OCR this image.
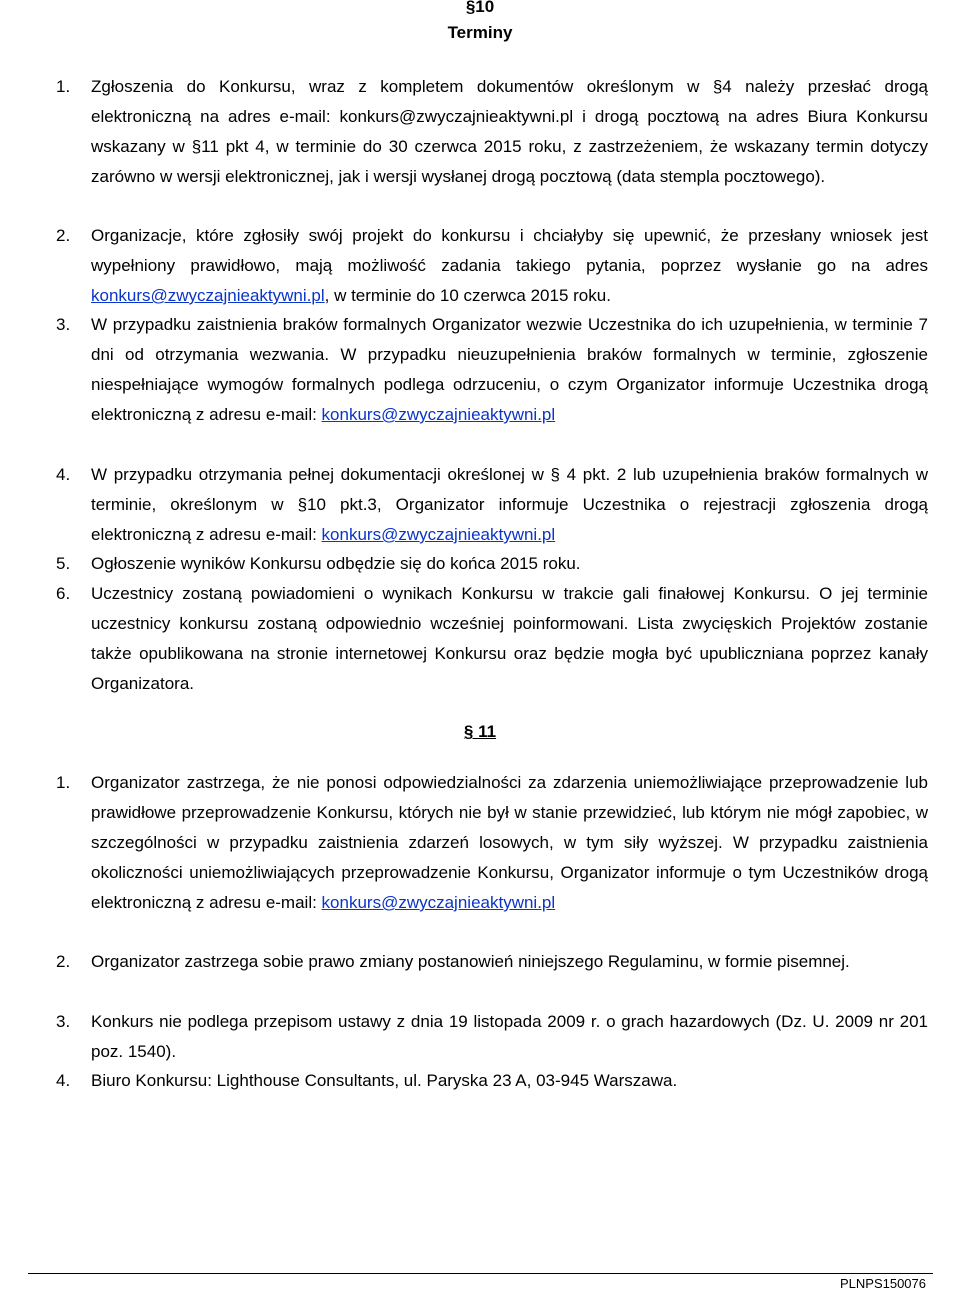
§10
Terminy
1. Zgłoszenia do Konkursu, wraz z kompletem dokumentów określonym w §4 należy przesłać drogą elektroniczną na adres e-mail: konkurs@zwyczajnieaktywni.pl i drogą pocztową na adres Biura Konkursu wskazany w §11 pkt 4, w terminie do 30 czerwca 2015 roku, z zastrzeżeniem, że wskazany termin dotyczy zarówno w wersji elektronicznej, jak i wersji wysłanej drogą pocztową (data stempla pocztowego).
2. Organizacje, które zgłosiły swój projekt do konkursu i chciałyby się upewnić, że przesłany wniosek jest wypełniony prawidłowo, mają możliwość zadania takiego pytania, poprzez wysłanie go na adres konkurs@zwyczajnieaktywni.pl, w terminie do 10 czerwca 2015 roku.
3. W przypadku zaistnienia braków formalnych Organizator wezwie Uczestnika do ich uzupełnienia, w terminie 7 dni od otrzymania wezwania. W przypadku nieuzupełnienia braków formalnych w terminie, zgłoszenie niespełniające wymogów formalnych podlega odrzuceniu, o czym Organizator informuje Uczestnika drogą elektroniczną z adresu e-mail: konkurs@zwyczajnieaktywni.pl
4. W przypadku otrzymania pełnej dokumentacji określonej w § 4 pkt. 2 lub uzupełnienia braków formalnych w terminie, określonym w §10 pkt.3, Organizator informuje Uczestnika o rejestracji zgłoszenia drogą elektroniczną z adresu e-mail: konkurs@zwyczajnieaktywni.pl
5. Ogłoszenie wyników Konkursu odbędzie się do końca 2015 roku.
6. Uczestnicy zostaną powiadomieni o wynikach Konkursu w trakcie gali finałowej Konkursu. O jej terminie uczestnicy konkursu zostaną odpowiednio wcześniej poinformowani. Lista zwycięskich Projektów zostanie także opublikowana na stronie internetowej Konkursu oraz będzie mogła być upubliczniana poprzez kanały Organizatora.
§ 11
1. Organizator zastrzega, że nie ponosi odpowiedzialności za zdarzenia uniemożliwiające przeprowadzenie lub prawidłowe przeprowadzenie Konkursu, których nie był w stanie przewidzieć, lub którym nie mógł zapobiec, w szczególności w przypadku zaistnienia zdarzeń losowych, w tym siły wyższej. W przypadku zaistnienia okoliczności uniemożliwiających przeprowadzenie Konkursu, Organizator informuje o tym Uczestników drogą elektroniczną z adresu e-mail: konkurs@zwyczajnieaktywni.pl
2. Organizator zastrzega sobie prawo zmiany postanowień niniejszego Regulaminu, w formie pisemnej.
3. Konkurs nie podlega przepisom ustawy z dnia 19 listopada 2009 r. o grach hazardowych (Dz. U. 2009 nr 201 poz. 1540).
4. Biuro Konkursu: Lighthouse Consultants, ul. Paryska 23 A, 03-945 Warszawa.
PLNPS150076
